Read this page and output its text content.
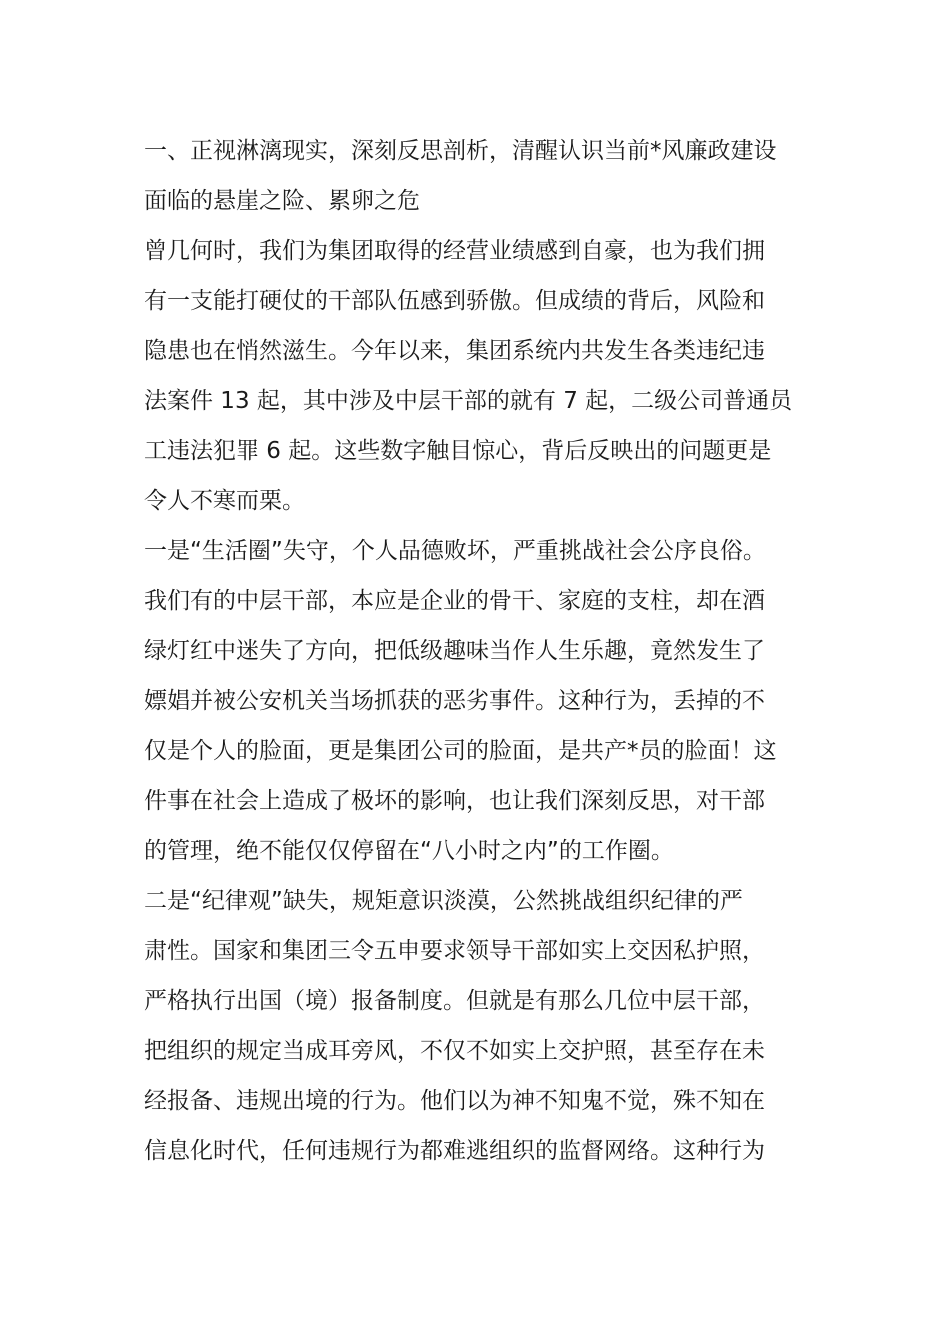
一、正视淋漓现实，深刻反思剖析，清醒认识当前*风廉政建设
面临的悬崖之险、累卵之危
曾几何时，我们为集团取得的经营业绩感到自豪，也为我们拥
有一支能打硬仗的干部队伍感到骄傲。但成绩的背后，风险和
隐患也在悄然滋生。今年以来，集团系统内共发生各类违纪违
法案件 13 起，其中涉及中层干部的就有 7 起，二级公司普通员
工违法犯罪 6 起。这些数字触目惊心，背后反映出的问题更是
令人不寒而栗。
一是“生活圈”失守，个人品德败坏，严重挑战社会公序良俗。
我们有的中层干部，本应是企业的骨干、家庭的支柱，却在酒
绿灯红中迷失了方向，把低级趣味当作人生乐趣，竟然发生了
嫖娼并被公安机关当场抓获的恶劣事件。这种行为，丢掉的不
仅是个人的脸面，更是集团公司的脸面，是共产*员的脸面！这
件事在社会上造成了极坏的影响，也让我们深刻反思，对干部
的管理，绝不能仅仅停留在“八小时之内”的工作圈。
二是“纪律观”缺失，规矩意识淡漠，公然挑战组织纪律的严
肃性。国家和集团三令五申要求领导干部如实上交因私护照，
严格执行出国（境）报备制度。但就是有那么几位中层干部，
把组织的规定当成耳旁风，不仅不如实上交护照，甚至存在未
经报备、违规出境的行为。他们以为神不知鬼不觉，殊不知在
信息化时代，任何违规行为都难逃组织的监督网络。这种行为
